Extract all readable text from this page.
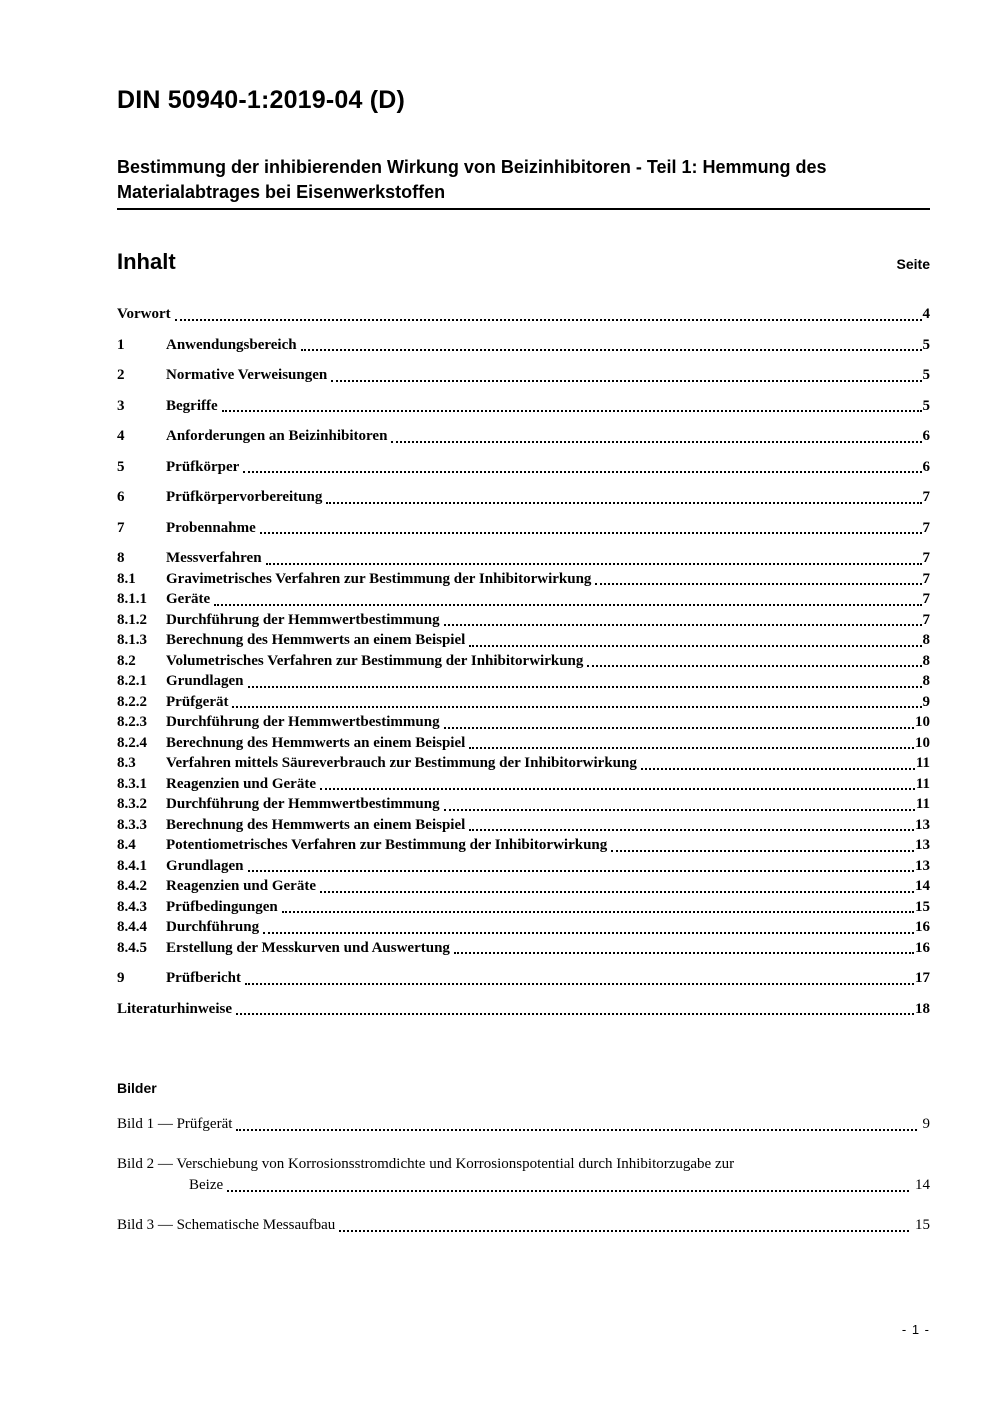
DIN 50940-1:2019-04 (D)
Bestimmung der inhibierenden Wirkung von Beizinhibitoren - Teil 1: Hemmung des Materialabtrages bei Eisenwerkstoffen
Inhalt	Seite
Vorwort	4
1	Anwendungsbereich	5
2	Normative Verweisungen	5
3	Begriffe	5
4	Anforderungen an Beizinhibitoren	6
5	Prüfkörper	6
6	Prüfkörpervorbereitung	7
7	Probennahme	7
8	Messverfahren	7
8.1	Gravimetrisches Verfahren zur Bestimmung der Inhibitorwirkung	7
8.1.1	Geräte	7
8.1.2	Durchführung der Hemmwertbestimmung	7
8.1.3	Berechnung des Hemmwerts an einem Beispiel	8
8.2	Volumetrisches Verfahren zur Bestimmung der Inhibitorwirkung	8
8.2.1	Grundlagen	8
8.2.2	Prüfgerät	9
8.2.3	Durchführung der Hemmwertbestimmung	10
8.2.4	Berechnung des Hemmwerts an einem Beispiel	10
8.3	Verfahren mittels Säureverbrauch zur Bestimmung der Inhibitorwirkung	11
8.3.1	Reagenzien und Geräte	11
8.3.2	Durchführung der Hemmwertbestimmung	11
8.3.3	Berechnung des Hemmwerts an einem Beispiel	13
8.4	Potentiometrisches Verfahren zur Bestimmung der Inhibitorwirkung	13
8.4.1	Grundlagen	13
8.4.2	Reagenzien und Geräte	14
8.4.3	Prüfbedingungen	15
8.4.4	Durchführung	16
8.4.5	Erstellung der Messkurven und Auswertung	16
9	Prüfbericht	17
Literaturhinweise	18
Bilder
Bild 1 — Prüfgerät	9
Bild 2 — Verschiebung von Korrosionsstromdichte und Korrosionspotential durch Inhibitorzugabe zur
Beize	14
Bild 3 — Schematische Messaufbau	15
- 1 -
